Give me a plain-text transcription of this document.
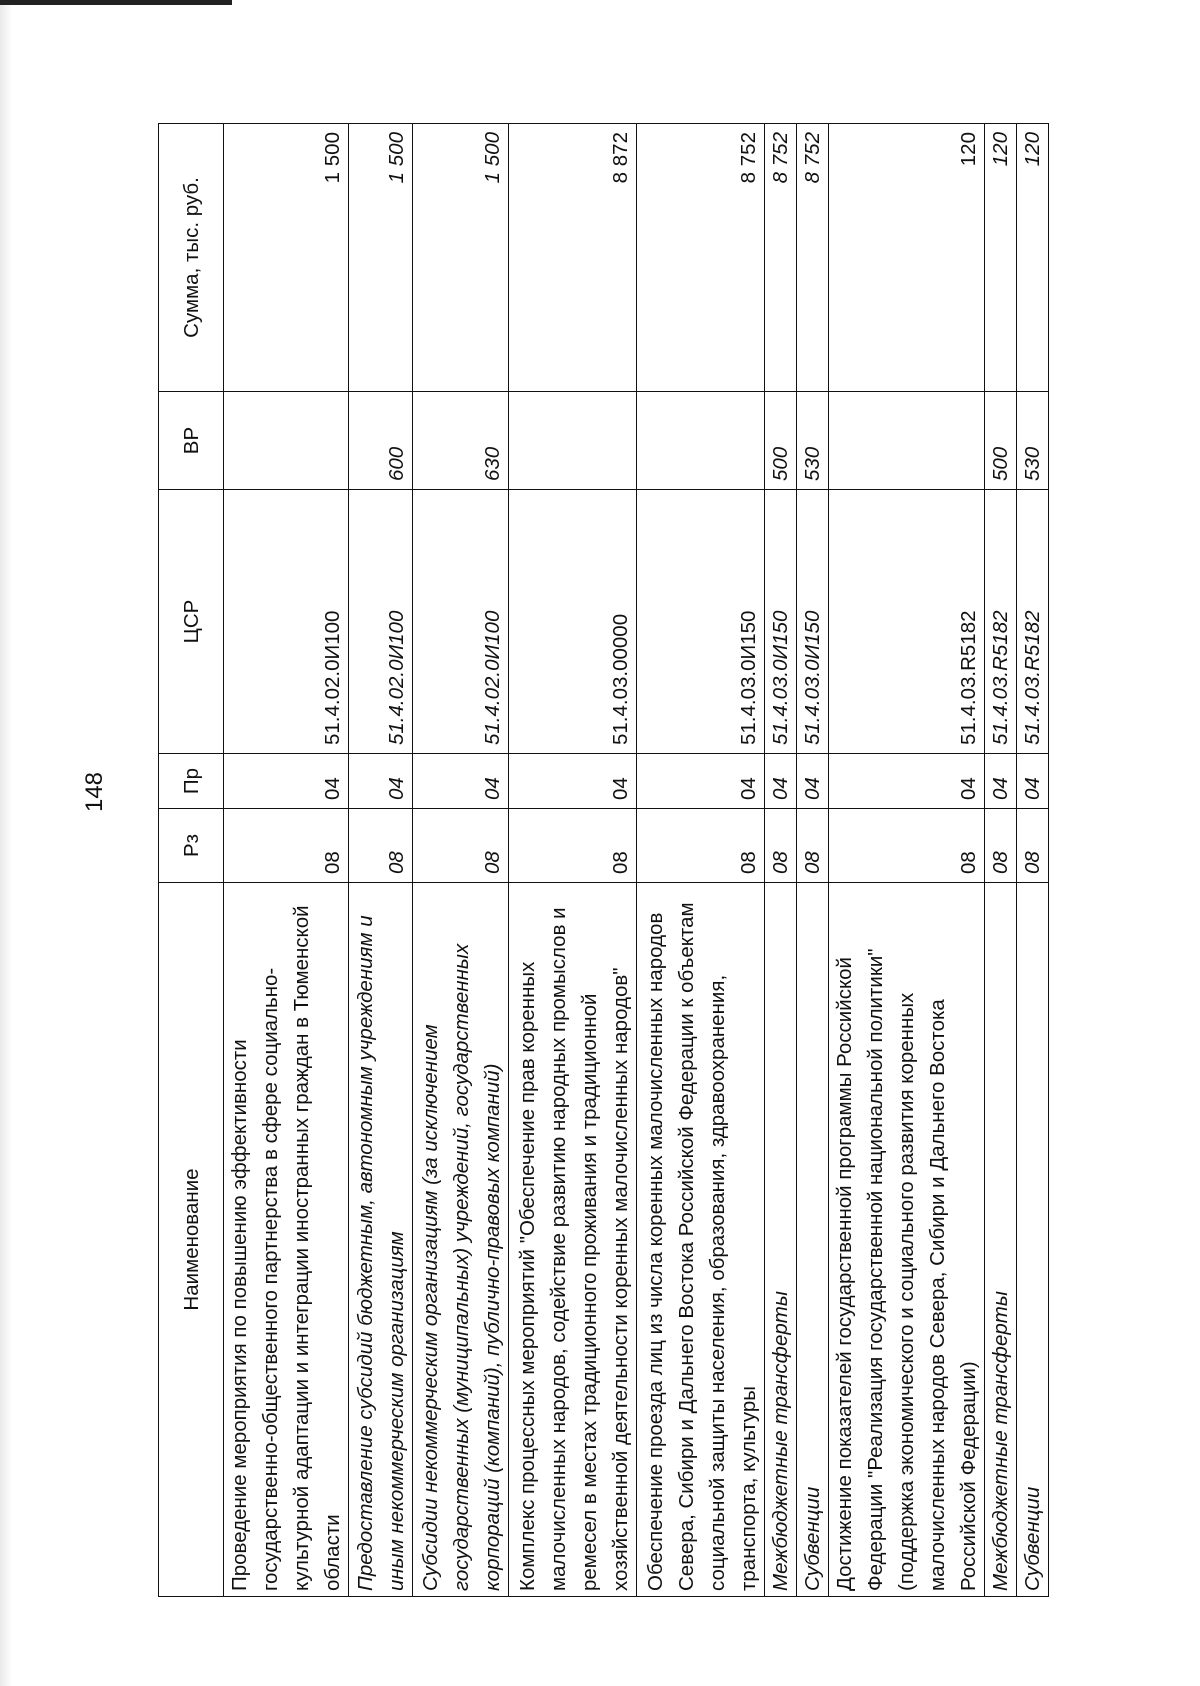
148
Наименование	Рз	Пр	ЦСР	ВР	Сумма, тыс. руб.
Проведение мероприятия по повышению эффективности государственно-общественного партнерства в сфере социально-культурной адаптации и интеграции иностранных граждан в Тюменской области	08	04	51.4.02.0И100		1 500
Предоставление субсидий бюджетным, автономным учреждениям и иным некоммерческим организациям	08	04	51.4.02.0И100	600	1 500
Субсидии некоммерческим организациям (за исключением государственных (муниципальных) учреждений, государственных корпораций (компаний), публично-правовых компаний)	08	04	51.4.02.0И100	630	1 500
Комплекс процессных мероприятий "Обеспечение прав коренных малочисленных народов, содействие развитию народных промыслов и ремесел в местах традиционного проживания и традиционной хозяйственной деятельности коренных малочисленных народов"	08	04	51.4.03.00000		8 872
Обеспечение проезда лиц из числа коренных малочисленных народов Севера, Сибири и Дальнего Востока Российской Федерации к объектам социальной защиты населения, образования, здравоохранения, транспорта, культуры	08	04	51.4.03.0И150		8 752
Межбюджетные трансферты	08	04	51.4.03.0И150	500	8 752
Субвенции	08	04	51.4.03.0И150	530	8 752
Достижение показателей государственной программы Российской Федерации "Реализация государственной национальной политики" (поддержка экономического и социального развития коренных малочисленных народов Севера, Сибири и Дальнего Востока Российской Федерации)	08	04	51.4.03.R5182		120
Межбюджетные трансферты	08	04	51.4.03.R5182	500	120
Субвенции	08	04	51.4.03.R5182	530	120
